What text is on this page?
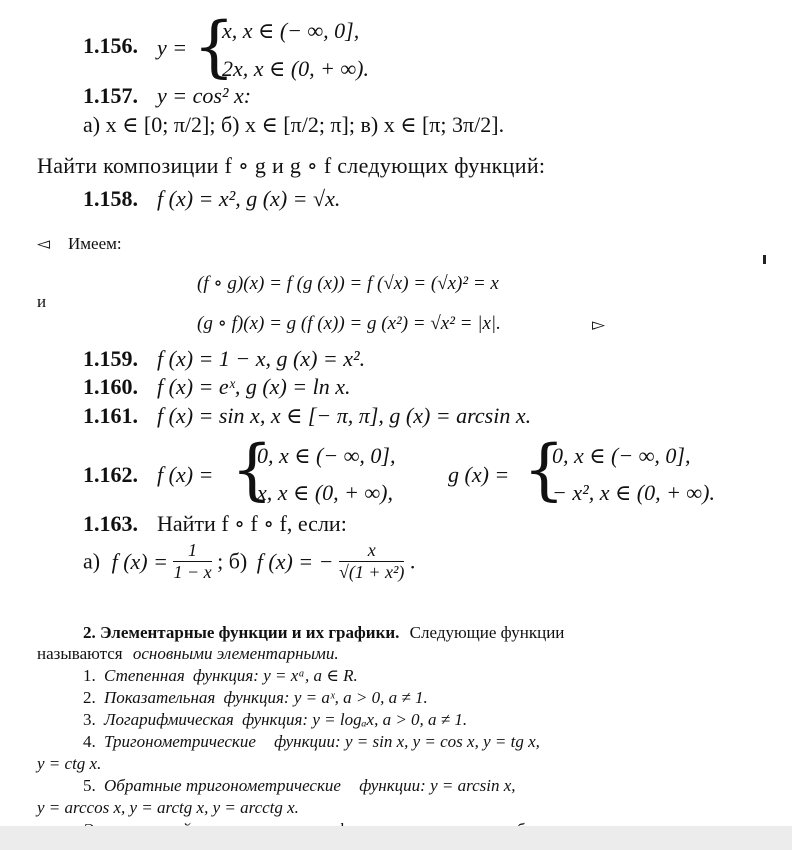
1.156. y = {
x, x ∈ (− ∞, 0],
2x, x ∈ (0, + ∞).
1.157. y = cos² x:
а) x ∈ [0; π/2]; б) x ∈ [π/2; π]; в) x ∈ [π; 3π/2].
Найти композиции f ∘ g и g ∘ f следующих функций:
1.158. f (x) = x², g (x) = √x.
◅ Имеем:
(f ∘ g)(x) = f (g (x)) = f (√x) = (√x)² = x
и
(g ∘ f)(x) = g (f (x)) = g (x²) = √x² = |x|.	▻
1.159. f (x) = 1 − x, g (x) = x².
1.160. f (x) = eˣ, g (x) = ln x.
1.161. f (x) = sin x, x ∈ [− π, π], g (x) = arcsin x.
1.162. f (x) = {
0, x ∈ (− ∞, 0],
x, x ∈ (0, + ∞),
g (x) = {
0, x ∈ (− ∞, 0],
− x², x ∈ (0, + ∞).
1.163. Найти f ∘ f ∘ f, если:
а) f $(x) = \frac{1}{1 - x}$ ; б) f (x) = − $\frac{x}{\text{√(1 + x²)}}$ .
2. Элементарные функции и их графики. Следующие функции
называются основными элементарными.
1. Степенная функция: y = xᵃ, a ∈ R.
2. Показательная функция: y = aˣ, a > 0, a ≠ 1.
3. Логарифмическая функция: y = logₐx, a > 0, a ≠ 1.
4. Тригонометрические функции: y = sin x, y = cos x, y = tg x,
y = ctg x.
5. Обратные тригонометрические функции: y = arcsin x,
y = arccos x, y = arctg x, y = arcctg x.
